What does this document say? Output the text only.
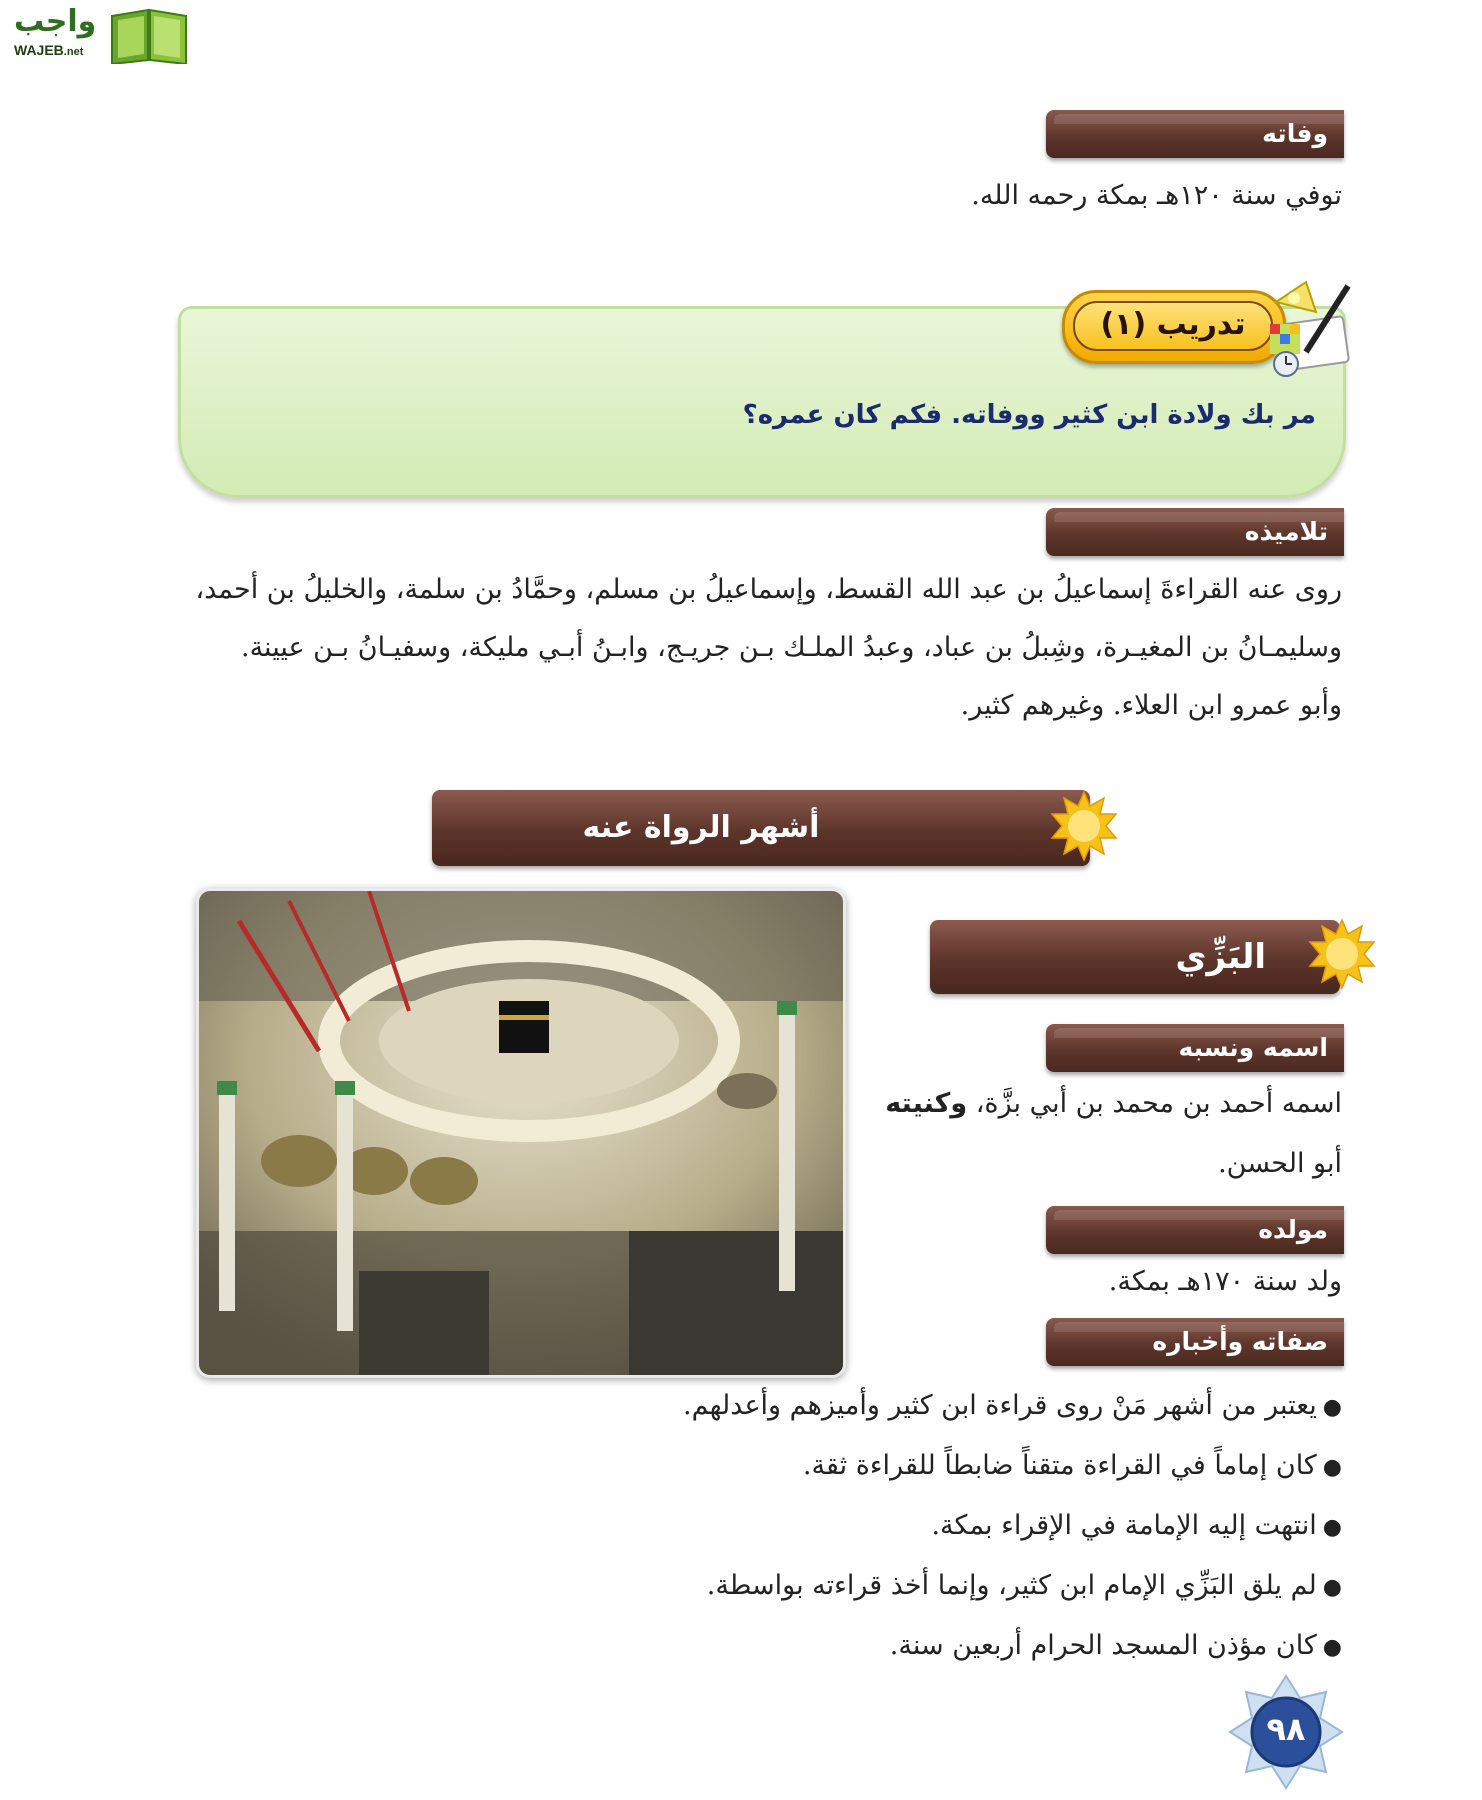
واجب
WAJEB.net
وفاته
توفي سنة ١٢٠هـ بمكة رحمه الله.
تدريب (١)
مر بك ولادة ابن كثير ووفاته. فكم كان عمره؟
تلاميذه
روى عنه القراءةَ إسماعيلُ بن عبد الله القسط، وإسماعيلُ بن مسلم، وحمَّادُ بن سلمة، والخليلُ بن أحمد،
وسليمـانُ بن المغيـرة، وشِبلُ بن عباد، وعبدُ الملـك بـن جريـج، وابـنُ أبـي مليكة، وسفيـانُ بـن عيينة.
وأبو عمرو ابن العلاء. وغيرهم كثير.
أشهر الرواة عنه
البَزِّي
اسمه ونسبه
اسمه أحمد بن محمد بن أبي بزَّة، وكنيته
أبو الحسن.
مولده
ولد سنة ١٧٠هـ بمكة.
صفاته وأخباره
●يعتبر من أشهر مَنْ روى قراءة ابن كثير وأميزهم وأعدلهم.
●كان إماماً في القراءة متقناً ضابطاً للقراءة ثقة.
●انتهت إليه الإمامة في الإقراء بمكة.
●لم يلق البَزِّي الإمام ابن كثير، وإنما أخذ قراءته بواسطة.
●كان مؤذن المسجد الحرام أربعين سنة.
٩٨
